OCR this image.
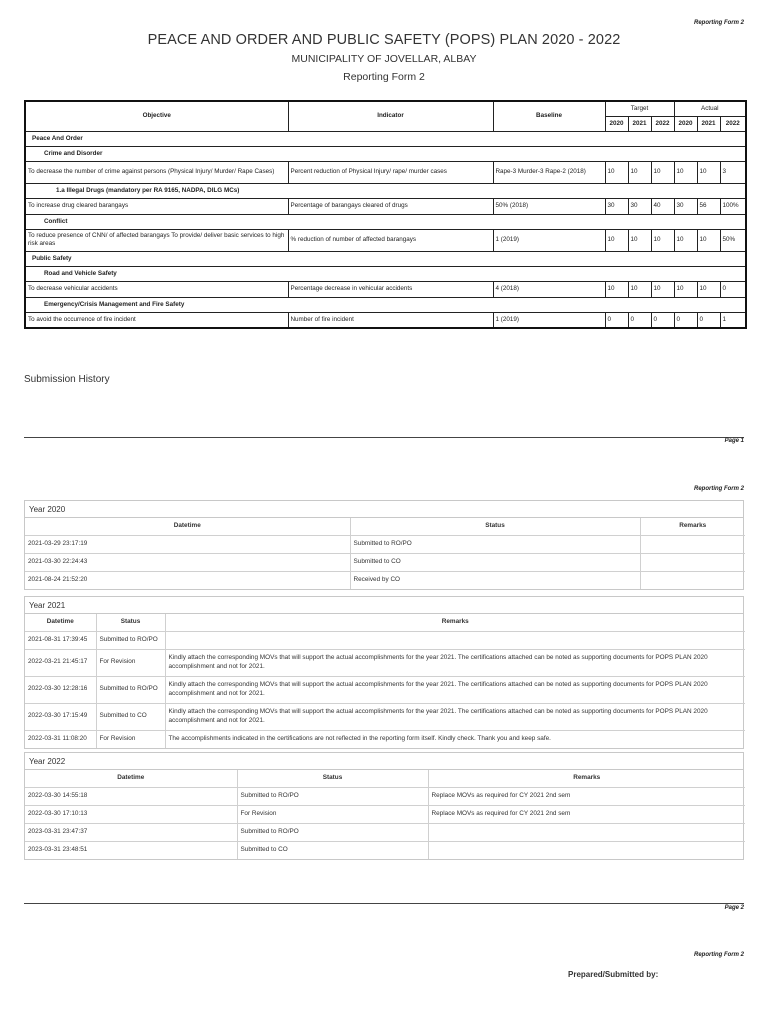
Reporting Form 2
PEACE AND ORDER AND PUBLIC SAFETY (POPS) PLAN 2020 - 2022
MUNICIPALITY OF JOVELLAR, ALBAY
Reporting Form 2
Objective	Indicator	Baseline	Target			Actual		
			2020	2021	2022	2020	2021	2022
Peace And Order								
Crime and Disorder								
To decrease the number of crime against persons (Physical Injury/ Murder/ Rape Cases)	Percent reduction of Physical Injury/ rape/ murder cases	Rape-3 Murder-3 Rape-2 (2018)	10	10	10	10	10	3
1.a Illegal Drugs (mandatory per RA 9165, NADPA, DILG MCs)								
To increase drug cleared barangays	Percentage of barangays cleared of drugs	50% (2018)	30	30	40	30	56	100%
Conflict								
To reduce presence of CNN/ of affected barangays To provide/ deliver basic services to high risk areas	% reduction of number of affected barangays	1 (2019)	10	10	10	10	10	50%
Public Safety								
Road and Vehicle Safety								
To decrease vehicular accidents	Percentage decrease in vehicular accidents	4 (2018)	10	10	10	10	10	0
Emergency/Crisis Management and Fire Safety								
To avoid the occurrence of fire incident	Number of fire incident	1 (2019)	0	0	0	0	0	1
Submission History
Page 1
Reporting Form 2
Year 2020
Datetime	Status	Remarks
2021-03-29 23:17:19	Submitted to RO/PO	
2021-03-30 22:24:43	Submitted to CO	
2021-08-24 21:52:20	Received by CO	
Year 2021
Datetime	Status	Remarks
2021-08-31 17:39:45	Submitted to RO/PO	
2022-03-21 21:45:17	For Revision	Kindly attach the corresponding MOVs that will support the actual accomplishments for the year 2021. The certifications attached can be noted as supporting documents for POPS PLAN 2020 accomplishment and not for 2021.
2022-03-30 12:28:16	Submitted to RO/PO	Kindly attach the corresponding MOVs that will support the actual accomplishments for the year 2021. The certifications attached can be noted as supporting documents for POPS PLAN 2020 accomplishment and not for 2021.
2022-03-30 17:15:49	Submitted to CO	Kindly attach the corresponding MOVs that will support the actual accomplishments for the year 2021. The certifications attached can be noted as supporting documents for POPS PLAN 2020 accomplishment and not for 2021.
2022-03-31 11:08:20	For Revision	The accomplishments indicated in the certifications are not reflected in the reporting form itself. Kindly check. Thank you and keep safe.
Year 2022
Datetime	Status	Remarks
2022-03-30 14:55:18	Submitted to RO/PO	Replace MOVs as required for CY 2021 2nd sem
2022-03-30 17:10:13	For Revision	Replace MOVs as required for CY 2021 2nd sem
2023-03-31 23:47:37	Submitted to RO/PO	
2023-03-31 23:48:51	Submitted to CO	
Page 2
Reporting Form 2
Prepared/Submitted by:
